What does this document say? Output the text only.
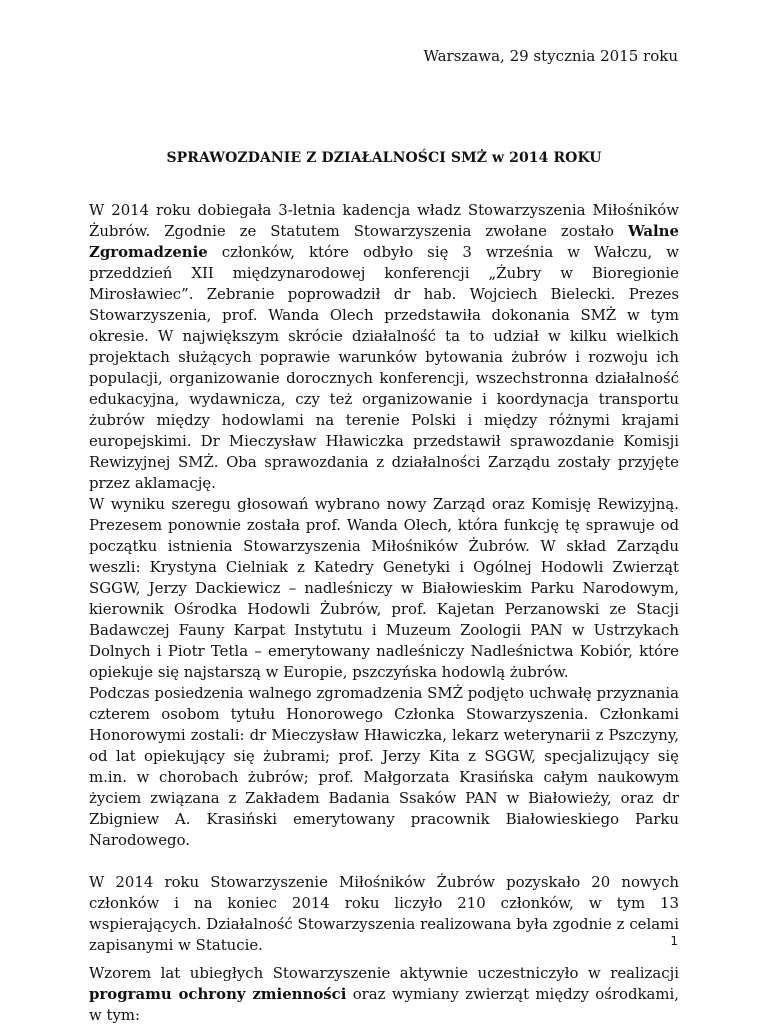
Warszawa, 29 stycznia 2015 roku
SPRAWOZDANIE Z DZIAŁALNOŚCI SMŻ w 2014 ROKU

W 2014 roku dobiegała 3-letnia kadencja władz Stowarzyszenia Miłośników Żubrów. Zgodnie ze Statutem Stowarzyszenia zwołane zostało Walne Zgromadzenie członków, które odbyło się 3 września w Wałczu, w przeddzień XII międzynarodowej konferencji „Żubry w Bioregionie Mirosławiec”. Zebranie poprowadził dr hab. Wojciech Bielecki. Prezes Stowarzyszenia, prof. Wanda Olech przedstawiła dokonania SMŻ w tym okresie. W największym skrócie działalność ta to udział w kilku wielkich projektach służących poprawie warunków bytowania żubrów i rozwoju ich populacji, organizowanie dorocznych konferencji, wszechstronna działalność edukacyjna, wydawnicza, czy też organizowanie i koordynacja transportu żubrów między hodowlami na terenie Polski i między różnymi krajami europejskimi. Dr Mieczysław Hławiczka przedstawił sprawozdanie Komisji Rewizyjnej SMŻ. Oba sprawozdania z działalności Zarządu zostały przyjęte przez aklamację.

W wyniku szeregu głosowań wybrano nowy Zarząd oraz Komisję Rewizyjną. Prezesem ponownie została prof. Wanda Olech, która funkcję tę sprawuje od początku istnienia Stowarzyszenia Miłośników Żubrów. W skład Zarządu weszli: Krystyna Cielniak z Katedry Genetyki i Ogólnej Hodowli Zwierząt SGGW, Jerzy Dackiewicz – nadleśniczy w Białowieskim Parku Narodowym, kierownik Ośrodka Hodowli Żubrów, prof. Kajetan Perzanowski ze Stacji Badawczej Fauny Karpat Instytutu i Muzeum Zoologii PAN w Ustrzykach Dolnych i Piotr Tetla – emerytowany nadleśniczy Nadleśnictwa Kobiór, które opiekuje się najstarszą w Europie, pszczyńska hodowlą żubrów.

Podczas posiedzenia walnego zgromadzenia SMŻ podjęto uchwałę przyznania czterem osobom tytułu Honorowego Członka Stowarzyszenia. Członkami Honorowymi zostali: dr Mieczysław Hławiczka, lekarz weterynarii z Pszczyny, od lat opiekujący się żubrami; prof. Jerzy Kita z SGGW, specjalizujący się m.in. w chorobach żubrów; prof. Małgorzata Krasińska całym naukowym życiem związana z Zakładem Badania Ssaków PAN w Białowieży, oraz dr Zbigniew A. Krasiński emerytowany pracownik Białowieskiego Parku Narodowego.

W 2014 roku Stowarzyszenie Miłośników Żubrów pozyskało 20 nowych członków i na koniec 2014 roku liczyło 210 członków, w tym 13 wspierających. Działalność Stowarzyszenia realizowana była zgodnie z celami zapisanymi w Statucie.

Wzorem lat ubiegłych Stowarzyszenie aktywnie uczestniczyło w realizacji programu ochrony zmienności oraz wymiany zwierząt między ośrodkami, w tym:

1
